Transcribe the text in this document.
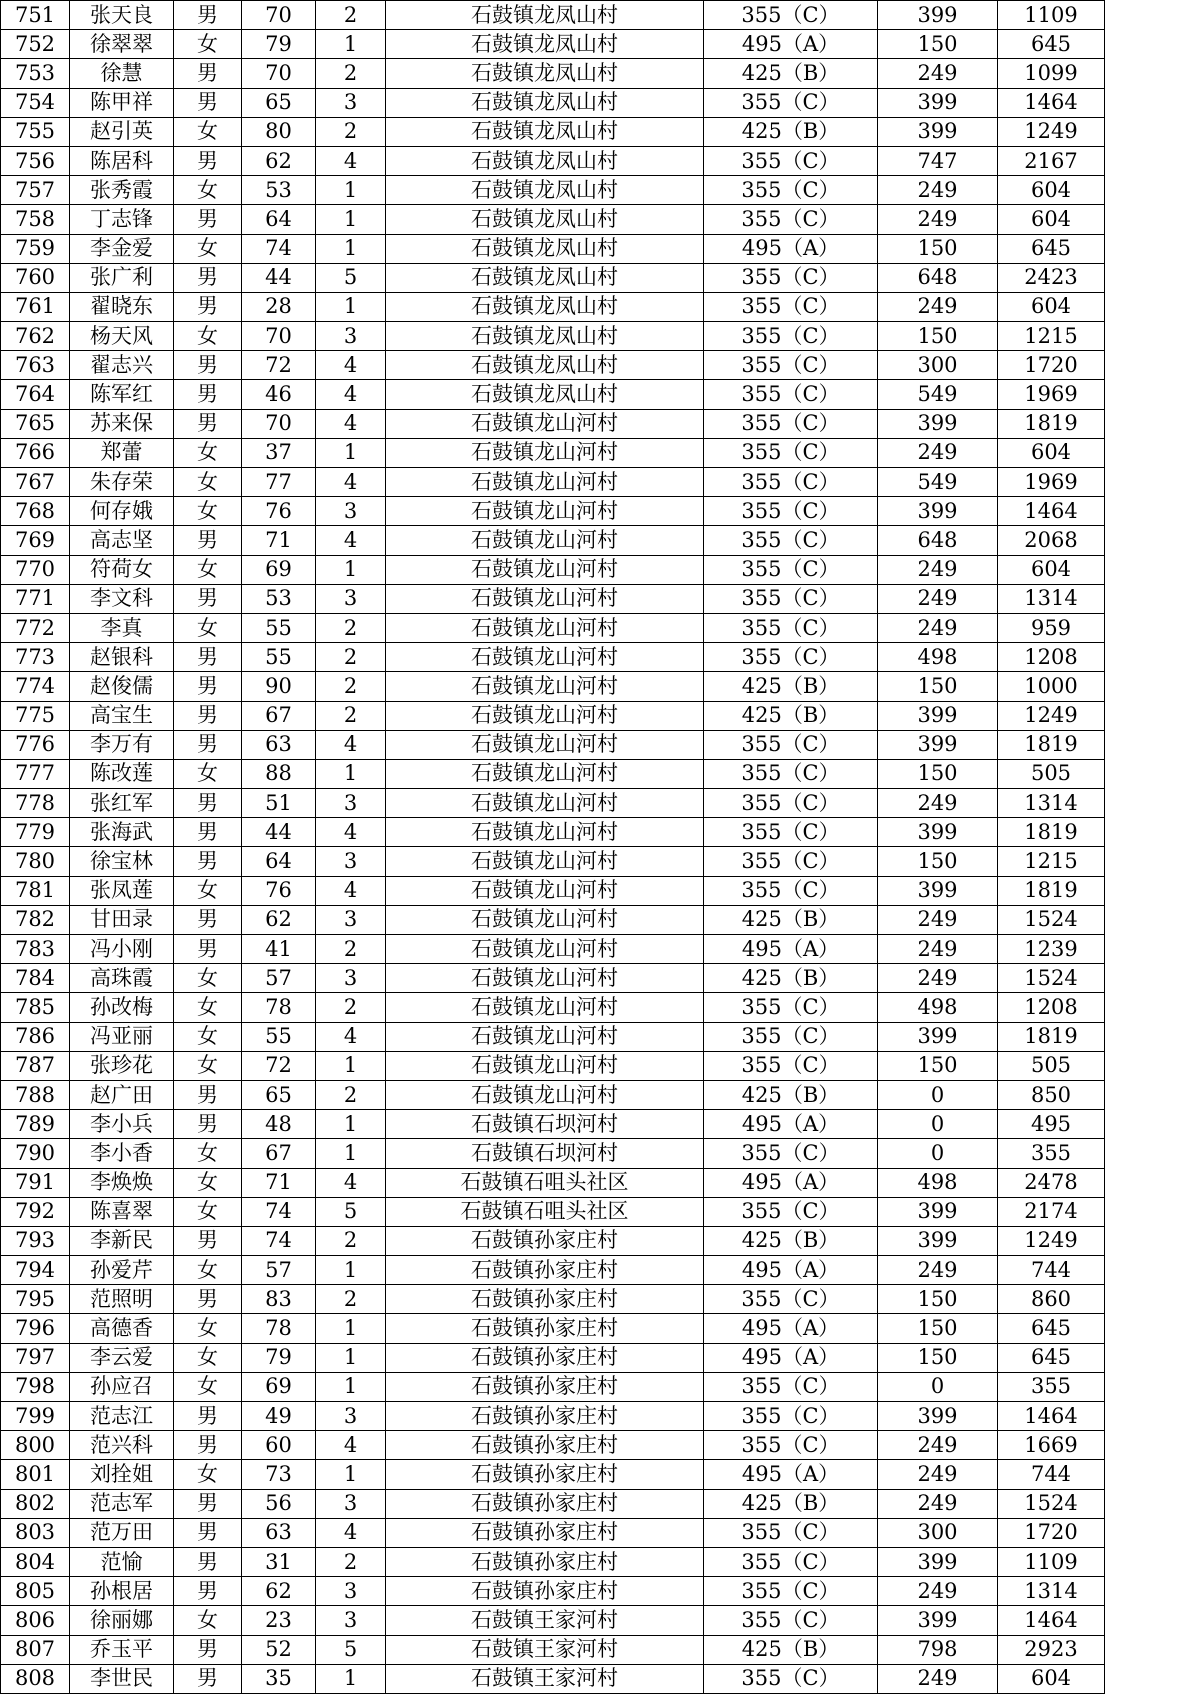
751	张天良	男	70	2	石鼓镇龙凤山村	355（C）	399	1109
752	徐翠翠	女	79	1	石鼓镇龙凤山村	495（A）	150	645
753	徐慧	男	70	2	石鼓镇龙凤山村	425（B）	249	1099
754	陈甲祥	男	65	3	石鼓镇龙凤山村	355（C）	399	1464
755	赵引英	女	80	2	石鼓镇龙凤山村	425（B）	399	1249
756	陈居科	男	62	4	石鼓镇龙凤山村	355（C）	747	2167
757	张秀霞	女	53	1	石鼓镇龙凤山村	355（C）	249	604
758	丁志锋	男	64	1	石鼓镇龙凤山村	355（C）	249	604
759	李金爱	女	74	1	石鼓镇龙凤山村	495（A）	150	645
760	张广利	男	44	5	石鼓镇龙凤山村	355（C）	648	2423
761	翟晓东	男	28	1	石鼓镇龙凤山村	355（C）	249	604
762	杨天风	女	70	3	石鼓镇龙凤山村	355（C）	150	1215
763	翟志兴	男	72	4	石鼓镇龙凤山村	355（C）	300	1720
764	陈军红	男	46	4	石鼓镇龙凤山村	355（C）	549	1969
765	苏来保	男	70	4	石鼓镇龙山河村	355（C）	399	1819
766	郑蕾	女	37	1	石鼓镇龙山河村	355（C）	249	604
767	朱存荣	女	77	4	石鼓镇龙山河村	355（C）	549	1969
768	何存娥	女	76	3	石鼓镇龙山河村	355（C）	399	1464
769	高志坚	男	71	4	石鼓镇龙山河村	355（C）	648	2068
770	符荷女	女	69	1	石鼓镇龙山河村	355（C）	249	604
771	李文科	男	53	3	石鼓镇龙山河村	355（C）	249	1314
772	李真	女	55	2	石鼓镇龙山河村	355（C）	249	959
773	赵银科	男	55	2	石鼓镇龙山河村	355（C）	498	1208
774	赵俊儒	男	90	2	石鼓镇龙山河村	425（B）	150	1000
775	高宝生	男	67	2	石鼓镇龙山河村	425（B）	399	1249
776	李万有	男	63	4	石鼓镇龙山河村	355（C）	399	1819
777	陈改莲	女	88	1	石鼓镇龙山河村	355（C）	150	505
778	张红军	男	51	3	石鼓镇龙山河村	355（C）	249	1314
779	张海武	男	44	4	石鼓镇龙山河村	355（C）	399	1819
780	徐宝林	男	64	3	石鼓镇龙山河村	355（C）	150	1215
781	张凤莲	女	76	4	石鼓镇龙山河村	355（C）	399	1819
782	甘田录	男	62	3	石鼓镇龙山河村	425（B）	249	1524
783	冯小刚	男	41	2	石鼓镇龙山河村	495（A）	249	1239
784	高珠霞	女	57	3	石鼓镇龙山河村	425（B）	249	1524
785	孙改梅	女	78	2	石鼓镇龙山河村	355（C）	498	1208
786	冯亚丽	女	55	4	石鼓镇龙山河村	355（C）	399	1819
787	张珍花	女	72	1	石鼓镇龙山河村	355（C）	150	505
788	赵广田	男	65	2	石鼓镇龙山河村	425（B）	0	850
789	李小兵	男	48	1	石鼓镇石坝河村	495（A）	0	495
790	李小香	女	67	1	石鼓镇石坝河村	355（C）	0	355
791	李焕焕	女	71	4	石鼓镇石咀头社区	495（A）	498	2478
792	陈喜翠	女	74	5	石鼓镇石咀头社区	355（C）	399	2174
793	李新民	男	74	2	石鼓镇孙家庄村	425（B）	399	1249
794	孙爱芹	女	57	1	石鼓镇孙家庄村	495（A）	249	744
795	范照明	男	83	2	石鼓镇孙家庄村	355（C）	150	860
796	高德香	女	78	1	石鼓镇孙家庄村	495（A）	150	645
797	李云爱	女	79	1	石鼓镇孙家庄村	495（A）	150	645
798	孙应召	女	69	1	石鼓镇孙家庄村	355（C）	0	355
799	范志江	男	49	3	石鼓镇孙家庄村	355（C）	399	1464
800	范兴科	男	60	4	石鼓镇孙家庄村	355（C）	249	1669
801	刘拴姐	女	73	1	石鼓镇孙家庄村	495（A）	249	744
802	范志军	男	56	3	石鼓镇孙家庄村	425（B）	249	1524
803	范万田	男	63	4	石鼓镇孙家庄村	355（C）	300	1720
804	范愉	男	31	2	石鼓镇孙家庄村	355（C）	399	1109
805	孙根居	男	62	3	石鼓镇孙家庄村	355（C）	249	1314
806	徐丽娜	女	23	3	石鼓镇王家河村	355（C）	399	1464
807	乔玉平	男	52	5	石鼓镇王家河村	425（B）	798	2923
808	李世民	男	35	1	石鼓镇王家河村	355（C）	249	604
